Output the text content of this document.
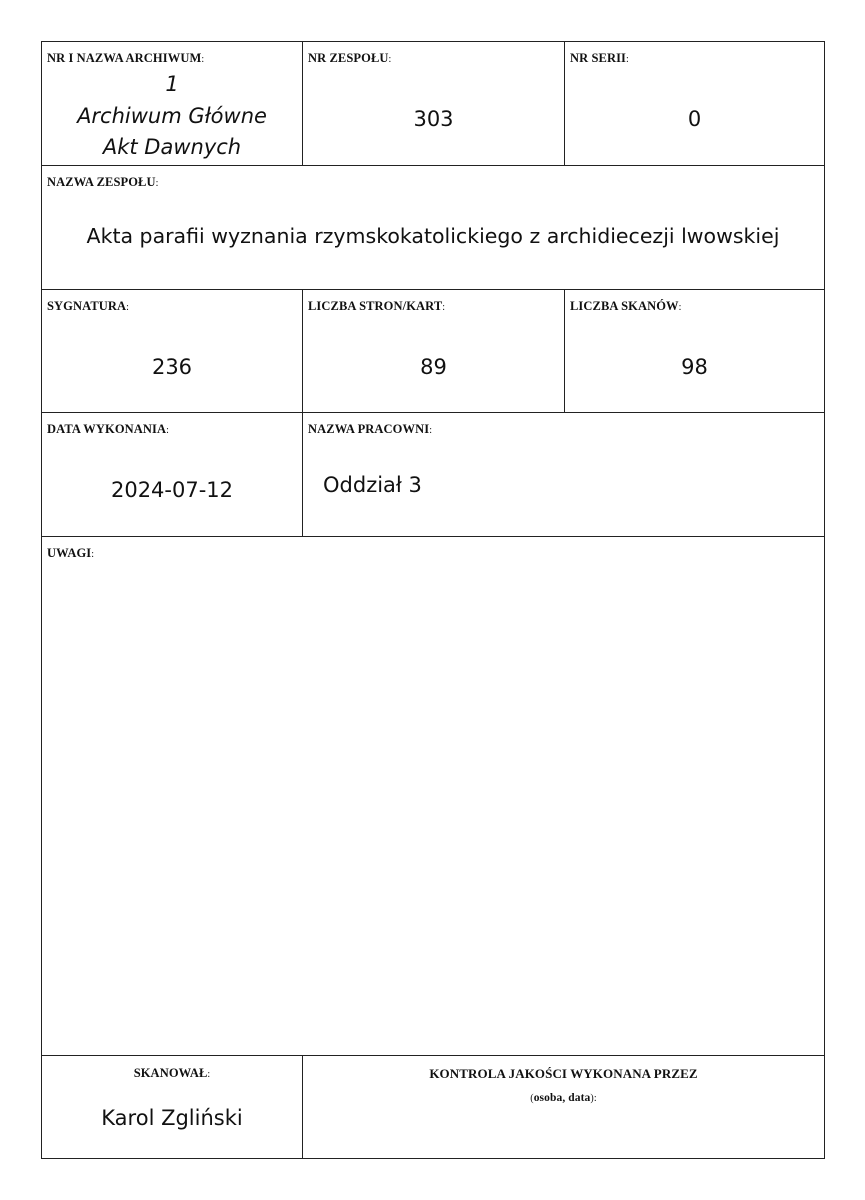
NR I NAZWA ARCHIWUM:
1
Archiwum Główne
Akt Dawnych
NR ZESPOŁU:
303
NR SERII:
0
NAZWA ZESPOŁU:
Akta parafii wyznania rzymskokatolickiego z archidiecezji lwowskiej
SYGNATURA:
236
LICZBA STRON/KART:
89
LICZBA SKANÓW:
98
DATA WYKONANIA:
2024-07-12
NAZWA PRACOWNI:
Oddział 3
UWAGI:
SKANOWAŁ:
Karol Zgliński
KONTROLA JAKOŚCI WYKONANA PRZEZ
(osoba, data):
